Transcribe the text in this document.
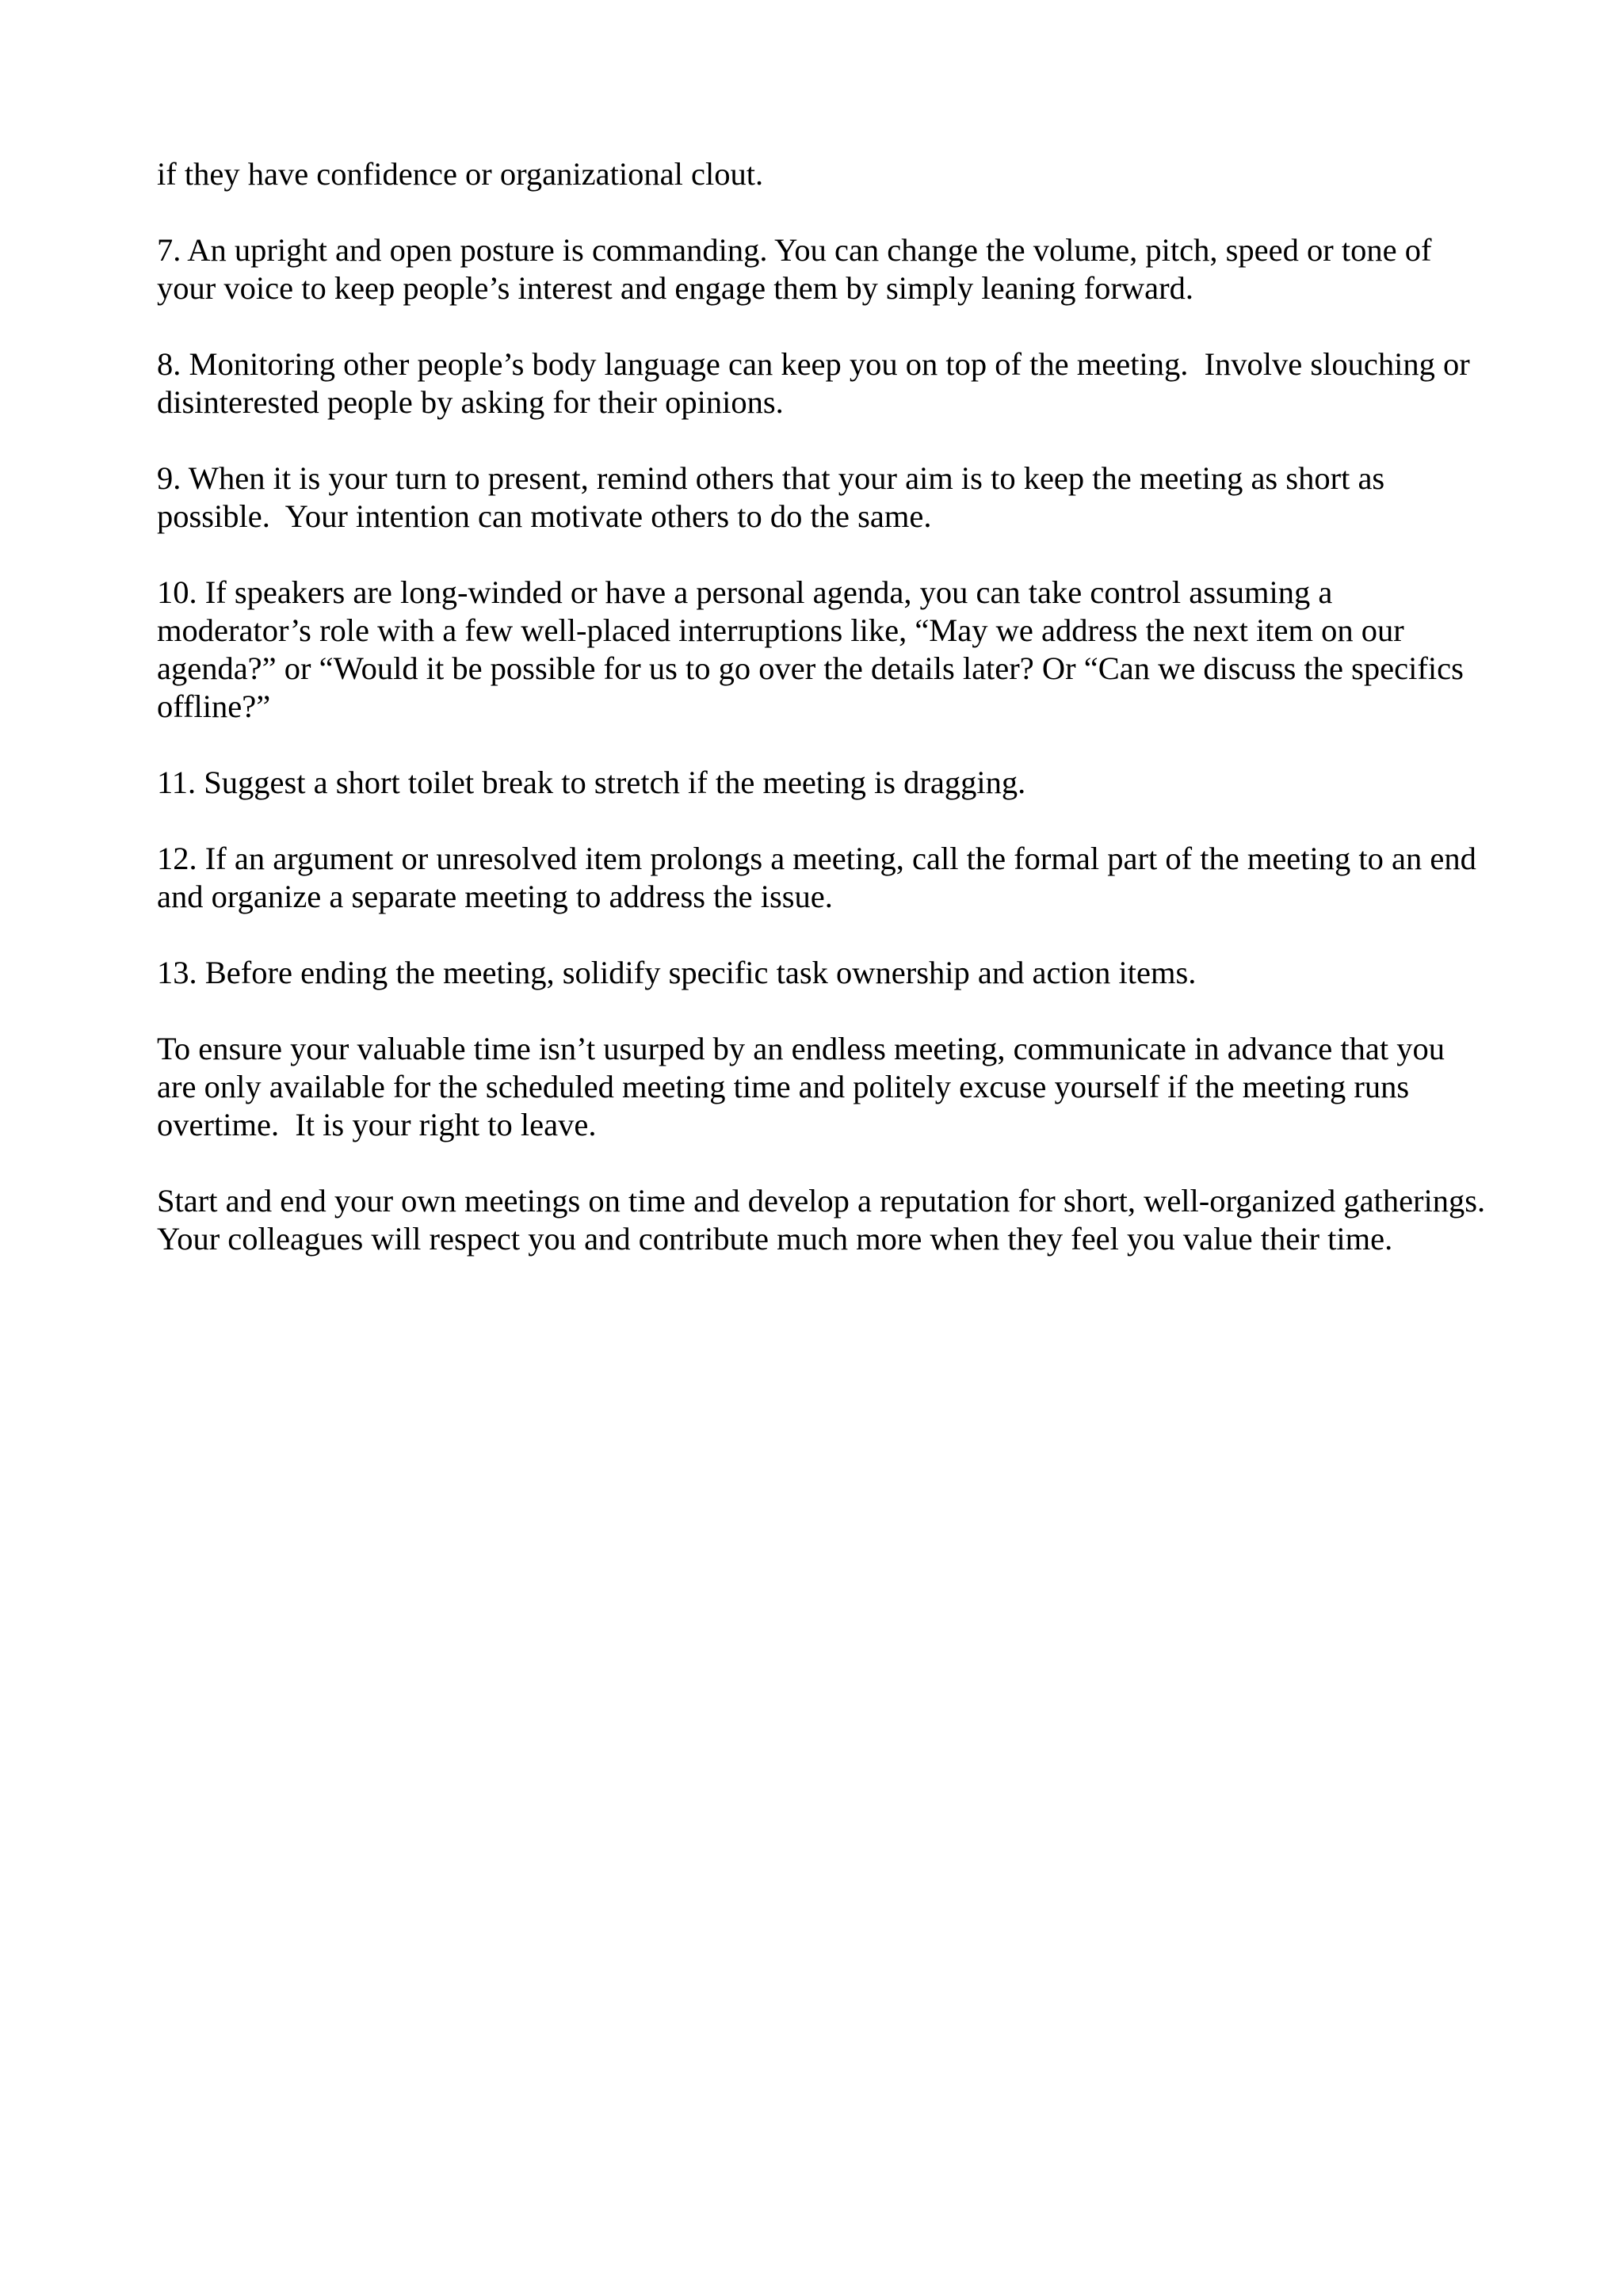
if they have confidence or organizational clout.

7. An upright and open posture is commanding. You can change the volume, pitch, speed or tone of your voice to keep people’s interest and engage them by simply leaning forward.

8. Monitoring other people’s body language can keep you on top of the meeting.  Involve slouching or disinterested people by asking for their opinions.

9. When it is your turn to present, remind others that your aim is to keep the meeting as short as possible.  Your intention can motivate others to do the same.

10. If speakers are long-winded or have a personal agenda, you can take control assuming a moderator’s role with a few well-placed interruptions like, “May we address the next item on our agenda?” or “Would it be possible for us to go over the details later? Or “Can we discuss the specifics offline?”

11. Suggest a short toilet break to stretch if the meeting is dragging.

12. If an argument or unresolved item prolongs a meeting, call the formal part of the meeting to an end and organize a separate meeting to address the issue.

13. Before ending the meeting, solidify specific task ownership and action items.

To ensure your valuable time isn’t usurped by an endless meeting, communicate in advance that you are only available for the scheduled meeting time and politely excuse yourself if the meeting runs overtime.  It is your right to leave.

Start and end your own meetings on time and develop a reputation for short, well-organized gatherings. Your colleagues will respect you and contribute much more when they feel you value their time.
